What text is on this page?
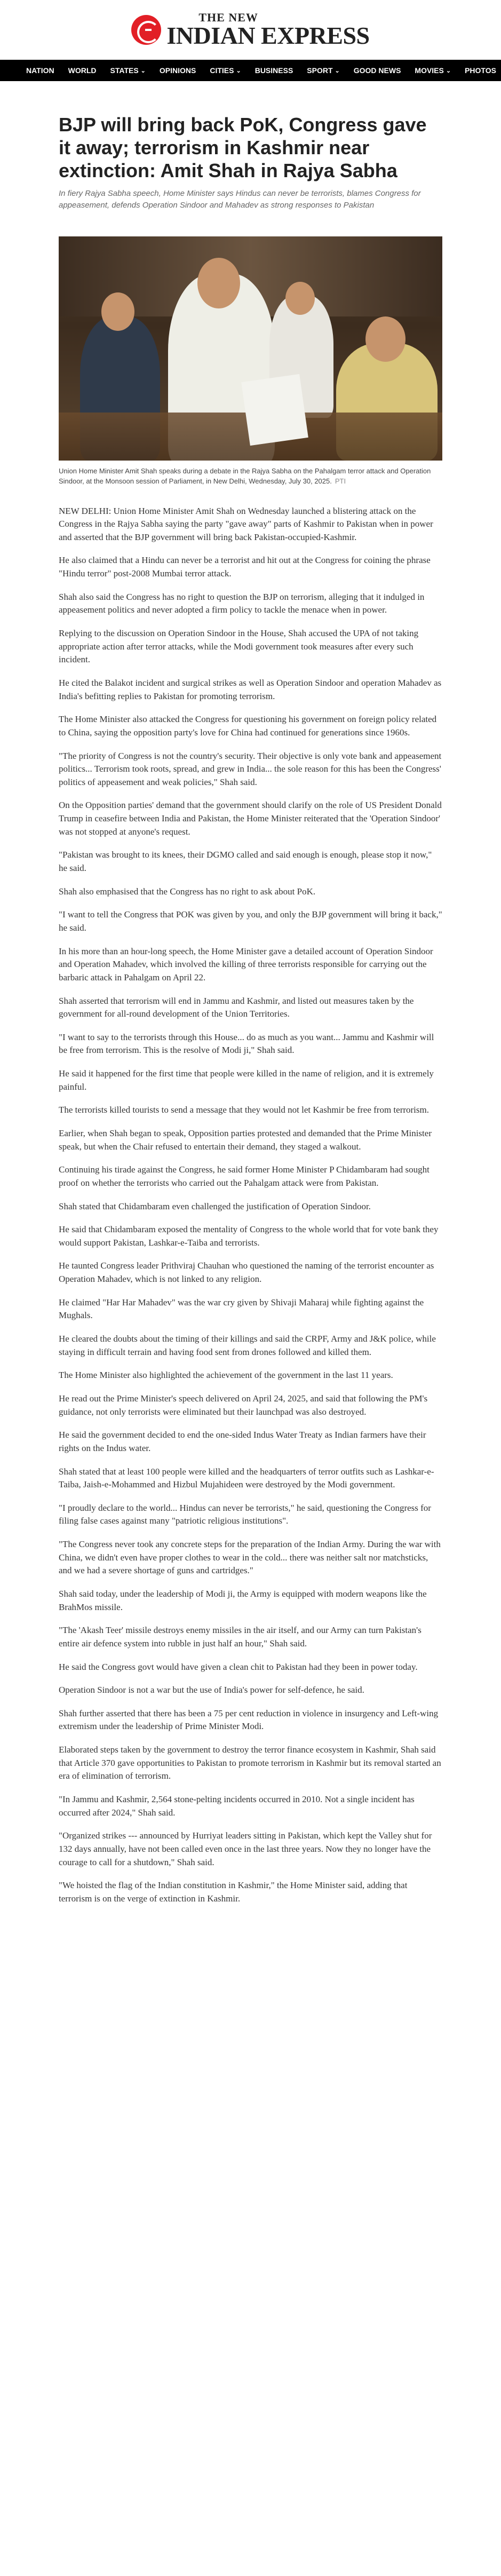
THE NEW
INDIAN EXPRESS
NATION WORLD STATES ⌄ OPINIONS CITIES ⌄ BUSINESS SPORT ⌄ GOOD NEWS MOVIES ⌄ PHOTOS
BJP will bring back PoK, Congress gave it away; terrorism in Kashmir near extinction: Amit Shah in Rajya Sabha

In fiery Rajya Sabha speech, Home Minister says Hindus can never be terrorists, blames Congress for appeasement, defends Operation Sindoor and Mahadev as strong responses to Pakistan

Union Home Minister Amit Shah speaks during a debate in the Rajya Sabha on the Pahalgam terror attack and Operation Sindoor, at the Monsoon session of Parliament, in New Delhi, Wednesday, July 30, 2025. PTI

NEW DELHI: Union Home Minister Amit Shah on Wednesday launched a blistering attack on the Congress in the Rajya Sabha saying the party "gave away" parts of Kashmir to Pakistan when in power and asserted that the BJP government will bring back Pakistan-occupied-Kashmir.

He also claimed that a Hindu can never be a terrorist and hit out at the Congress for coining the phrase "Hindu terror" post-2008 Mumbai terror attack.

Shah also said the Congress has no right to question the BJP on terrorism, alleging that it indulged in appeasement politics and never adopted a firm policy to tackle the menace when in power.

Replying to the discussion on Operation Sindoor in the House, Shah accused the UPA of not taking appropriate action after terror attacks, while the Modi government took measures after every such incident.

He cited the Balakot incident and surgical strikes as well as Operation Sindoor and operation Mahadev as India's befitting replies to Pakistan for promoting terrorism.

The Home Minister also attacked the Congress for questioning his government on foreign policy related to China, saying the opposition party's love for China had continued for generations since 1960s.

"The priority of Congress is not the country's security. Their objective is only vote bank and appeasement politics... Terrorism took roots, spread, and grew in India... the sole reason for this has been the Congress' politics of appeasement and weak policies," Shah said.

On the Opposition parties' demand that the government should clarify on the role of US President Donald Trump in ceasefire between India and Pakistan, the Home Minister reiterated that the 'Operation Sindoor' was not stopped at anyone's request.

"Pakistan was brought to its knees, their DGMO called and said enough is enough, please stop it now," he said.

Shah also emphasised that the Congress has no right to ask about PoK.

"I want to tell the Congress that POK was given by you, and only the BJP government will bring it back," he said.

In his more than an hour-long speech, the Home Minister gave a detailed account of Operation Sindoor and Operation Mahadev, which involved the killing of three terrorists responsible for carrying out the barbaric attack in Pahalgam on April 22.

Shah asserted that terrorism will end in Jammu and Kashmir, and listed out measures taken by the government for all-round development of the Union Territories.

"I want to say to the terrorists through this House... do as much as you want... Jammu and Kashmir will be free from terrorism. This is the resolve of Modi ji," Shah said.

He said it happened for the first time that people were killed in the name of religion, and it is extremely painful.

The terrorists killed tourists to send a message that they would not let Kashmir be free from terrorism.

Earlier, when Shah began to speak, Opposition parties protested and demanded that the Prime Minister speak, but when the Chair refused to entertain their demand, they staged a walkout.

Continuing his tirade against the Congress, he said former Home Minister P Chidambaram had sought proof on whether the terrorists who carried out the Pahalgam attack were from Pakistan.

Shah stated that Chidambaram even challenged the justification of Operation Sindoor.

He said that Chidambaram exposed the mentality of Congress to the whole world that for vote bank they would support Pakistan, Lashkar-e-Taiba and terrorists.

He taunted Congress leader Prithviraj Chauhan who questioned the naming of the terrorist encounter as Operation Mahadev, which is not linked to any religion.

He claimed "Har Har Mahadev" was the war cry given by Shivaji Maharaj while fighting against the Mughals.

He cleared the doubts about the timing of their killings and said the CRPF, Army and J&K police, while staying in difficult terrain and having food sent from drones followed and killed them.

The Home Minister also highlighted the achievement of the government in the last 11 years.

He read out the Prime Minister's speech delivered on April 24, 2025, and said that following the PM's guidance, not only terrorists were eliminated but their launchpad was also destroyed.

He said the government decided to end the one-sided Indus Water Treaty as Indian farmers have their rights on the Indus water.

Shah stated that at least 100 people were killed and the headquarters of terror outfits such as Lashkar-e-Taiba, Jaish-e-Mohammed and Hizbul Mujahideen were destroyed by the Modi government.

"I proudly declare to the world... Hindus can never be terrorists," he said, questioning the Congress for filing false cases against many "patriotic religious institutions".

"The Congress never took any concrete steps for the preparation of the Indian Army. During the war with China, we didn't even have proper clothes to wear in the cold... there was neither salt nor matchsticks, and we had a severe shortage of guns and cartridges."

Shah said today, under the leadership of Modi ji, the Army is equipped with modern weapons like the BrahMos missile.

"The 'Akash Teer' missile destroys enemy missiles in the air itself, and our Army can turn Pakistan's entire air defence system into rubble in just half an hour," Shah said.

He said the Congress govt would have given a clean chit to Pakistan had they been in power today.

Operation Sindoor is not a war but the use of India's power for self-defence, he said.

Shah further asserted that there has been a 75 per cent reduction in violence in insurgency and Left-wing extremism under the leadership of Prime Minister Modi.

Elaborated steps taken by the government to destroy the terror finance ecosystem in Kashmir, Shah said that Article 370 gave opportunities to Pakistan to promote terrorism in Kashmir but its removal started an era of elimination of terrorism.

"In Jammu and Kashmir, 2,564 stone-pelting incidents occurred in 2010. Not a single incident has occurred after 2024," Shah said.

"Organized strikes --- announced by Hurriyat leaders sitting in Pakistan, which kept the Valley shut for 132 days annually, have not been called even once in the last three years. Now they no longer have the courage to call for a shutdown," Shah said.

"We hoisted the flag of the Indian constitution in Kashmir," the Home Minister said, adding that terrorism is on the verge of extinction in Kashmir.
